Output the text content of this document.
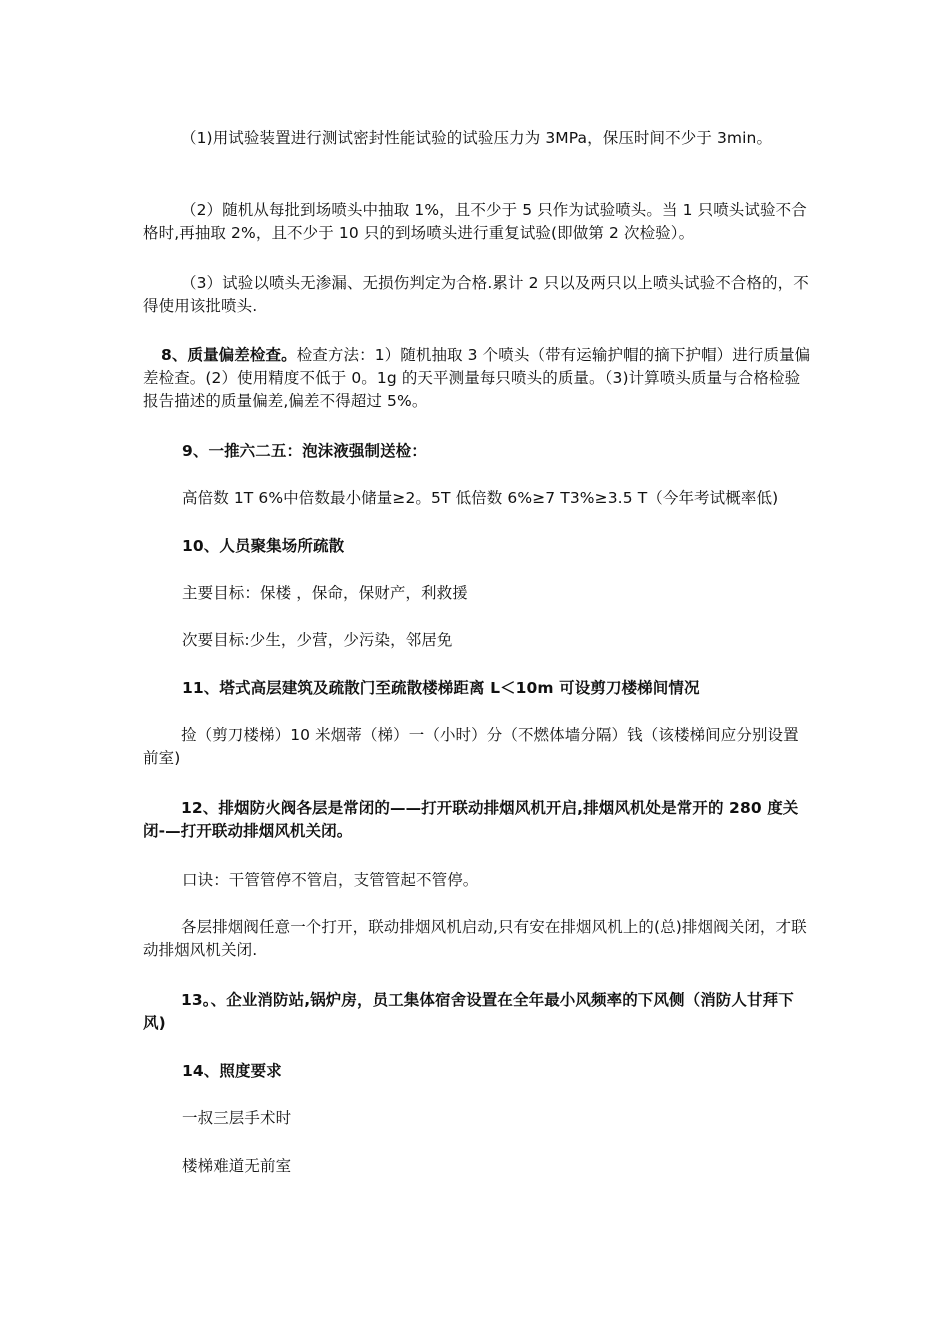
（1)用试验装置进行测试密封性能试验的试验压力为 3MPa，保压时间不少于 3min。
（2）随机从每批到场喷头中抽取 1%，且不少于 5 只作为试验喷头。当 1 只喷头试验不合格时,再抽取 2%，且不少于 10 只的到场喷头进行重复试验(即做第 2 次检验）。
（3）试验以喷头无渗漏、无损伤判定为合格.累计 2 只以及两只以上喷头试验不合格的，不得使用该批喷头.
8、质量偏差检查。检查方法：1）随机抽取 3 个喷头（带有运输护帽的摘下护帽）进行质量偏差检查。(2）使用精度不低于 0。1g 的天平测量每只喷头的质量。（3)计算喷头质量与合格检验报告描述的质量偏差,偏差不得超过 5%。
9、一推六二五：泡沫液强制送检：
高倍数 1T 6%中倍数最小储量≥2。5T 低倍数 6%≥7 T3%≥3.5 T（今年考试概率低)
10、人员聚集场所疏散
主要目标：保楼 ，保命，保财产，利救援
次要目标:少生，少营，少污染，邻居免
11、塔式高层建筑及疏散门至疏散楼梯距离 L＜10m 可设剪刀楼梯间情况
捡（剪刀楼梯）10 米烟蒂（梯）一（小时）分（不燃体墙分隔）钱（该楼梯间应分别设置前室)
12、排烟防火阀各层是常闭的——打开联动排烟风机开启,排烟风机处是常开的 280 度关闭-—打开联动排烟风机关闭。
口诀：干管管停不管启，支管管起不管停。
各层排烟阀任意一个打开，联动排烟风机启动,只有安在排烟风机上的(总)排烟阀关闭，才联动排烟风机关闭.
13。、企业消防站,锅炉房，员工集体宿舍设置在全年最小风频率的下风侧（消防人甘拜下风)
14、照度要求
一叔三层手术时
楼梯难道无前室
